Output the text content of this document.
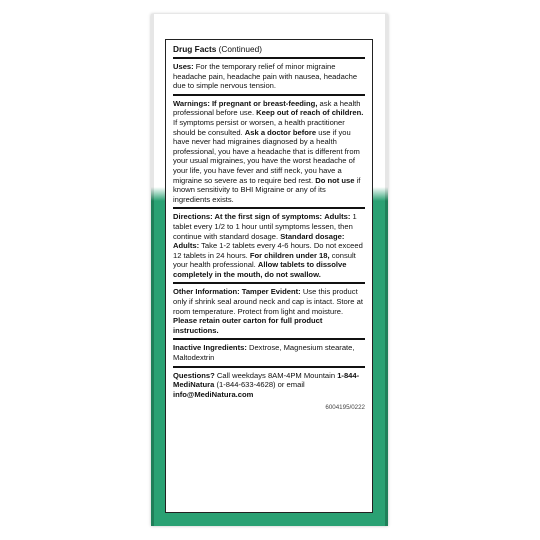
Drug Facts (Continued)
Uses: For the temporary relief of minor migraine headache pain, headache pain with nausea, headache due to simple nervous tension.
Warnings: If pregnant or breast-feeding, ask a health professional before use. Keep out of reach of children. If symptoms persist or worsen, a health practitioner should be consulted. Ask a doctor before use if you have never had migraines diagnosed by a health professional, you have a headache that is different from your usual migraines, you have the worst headache of your life, you have fever and stiff neck, you have a migraine so severe as to require bed rest. Do not use if known sensitivity to BHI Migraine or any of its ingredients exists.
Directions: At the first sign of symptoms: Adults: 1 tablet every 1/2 to 1 hour until symptoms lessen, then continue with standard dosage. Standard dosage: Adults: Take 1-2 tablets every 4-6 hours. Do not exceed 12 tablets in 24 hours. For children under 18, consult your health professional. Allow tablets to dissolve completely in the mouth, do not swallow.
Other Information: Tamper Evident: Use this product only if shrink seal around neck and cap is intact. Store at room temperature. Protect from light and moisture. Please retain outer carton for full product instructions.
Inactive Ingredients: Dextrose, Magnesium stearate, Maltodextrin
Questions? Call weekdays 8AM-4PM Mountain 1-844-MediNatura (1-844-633-4628) or email info@MediNatura.com
6004195/0222
